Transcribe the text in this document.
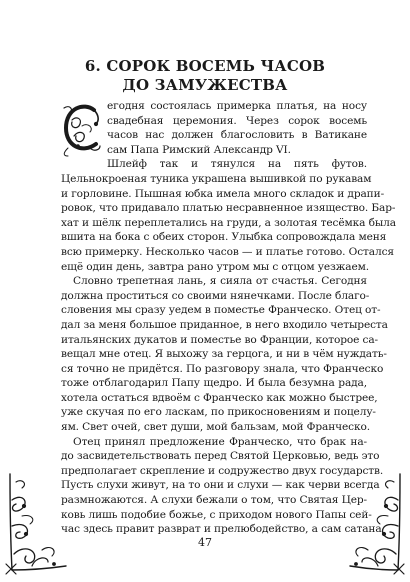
6. СОРОК ВОСЕМЬ ЧАСОВ
ДО ЗАМУЖЕСТВА
егодня состоялась примерка платья, на носу
свадебная церемония. Через сорок восемь
часов нас должен благословить в Ватикане
сам Папа Римский Александр VI.
Шлейф так и тянулся на пять футов.
Цельнокроеная туника украшена вышивкой по рукавам
и горловине. Пышная юбка имела много складок и драпи-
ровок, что придавало платью несравненное изящество. Бар-
хат и шёлк переплетались на груди, а золотая тесёмка была
вшита на бока с обеих сторон. Улыбка сопровождала меня
всю примерку. Несколько часов — и платье готово. Остался
ещё один день, завтра рано утром мы с отцом уезжаем.
Словно трепетная лань, я сияла от счастья. Сегодня
должна проститься со своими нянечками. После благо-
словения мы сразу уедем в поместье Франческо. Отец от-
дал за меня большое приданное, в него входило четыреста
итальянских дукатов и поместье во Франции, которое са-
вещал мне отец. Я выхожу за герцога, и ни в чём нуждать-
ся точно не придётся. По разговору знала, что Франческо
тоже отблагодарил Папу щедро. И была безумна рада,
хотела остаться вдвоём с Франческо как можно быстрее,
уже скучая по его ласкам, по прикосновениям и поцелу-
ям. Свет очей, свет души, мой бальзам, мой Франческо.
Отец принял предложение Франческо, что брак на-
до засвидетельствовать перед Святой Церковью, ведь это
предполагает скрепление и содружество двух государств.
Пусть слухи живут, на то они и слухи — как черви всегда
размножаются. А слухи бежали о том, что Святая Цер-
ковь лишь подобие божье, с приходом нового Папы сей-
час здесь правит разврат и прелюбодейство, а сам сатана
47
